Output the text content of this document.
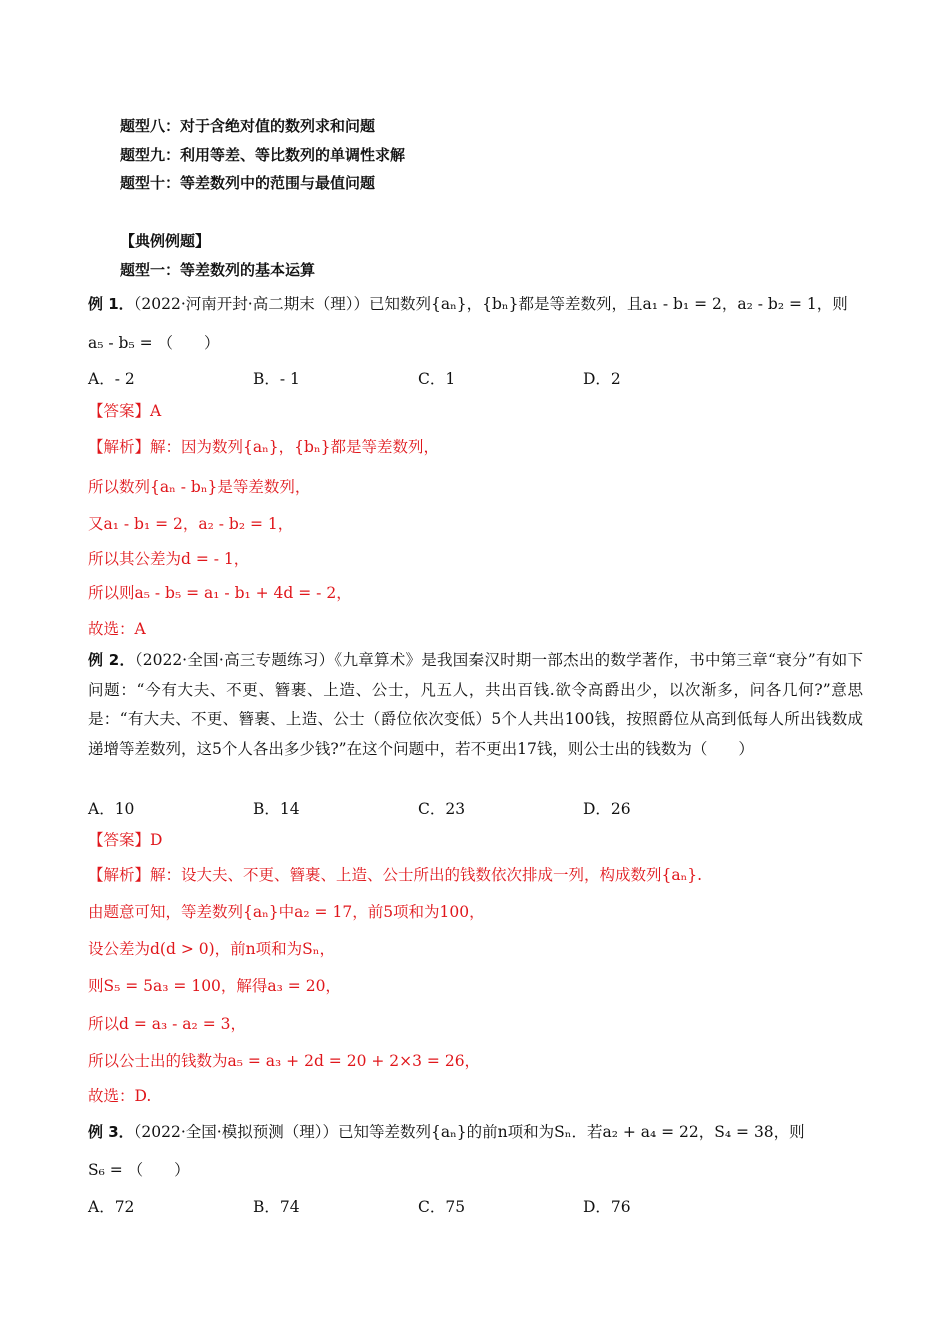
题型八：对于含绝对值的数列求和问题
题型九：利用等差、等比数列的单调性求解
题型十：等差数列中的范围与最值问题
【典例例题】
题型一：等差数列的基本运算
例 1．（2022·河南开封·高二期末（理））已知数列{aₙ}，{bₙ}都是等差数列，且a₁ - b₁ = 2，a₂ - b₂ = 1，则
a₅ - b₅ = （　　）
A．- 2	B．- 1	C．1	D．2
【答案】A
【解析】解：因为数列{aₙ}，{bₙ}都是等差数列，
所以数列{aₙ - bₙ}是等差数列，
又a₁ - b₁ = 2，a₂ - b₂ = 1，
所以其公差为d = - 1，
所以则a₅ - b₅ = a₁ - b₁ + 4d = - 2，
故选：A
例 2．（2022·全国·高三专题练习）《九章算术》是我国秦汉时期一部杰出的数学著作，书中第三章“衰分”有如下问题：“今有大夫、不更、簪裹、上造、公士，凡五人，共出百钱.欲令高爵出少，以次渐多，问各几何?”意思是：“有大夫、不更、簪裹、上造、公士（爵位依次变低）5个人共出100钱，按照爵位从高到低每人所出钱数成递增等差数列，这5个人各出多少钱?”在这个问题中，若不更出17钱，则公士出的钱数为（　　）
A．10	B．14	C．23	D．26
【答案】D
【解析】解：设大夫、不更、簪裹、上造、公士所出的钱数依次排成一列，构成数列{aₙ}.
由题意可知，等差数列{aₙ}中a₂ = 17，前5项和为100，
设公差为d(d > 0)，前n项和为Sₙ，
则S₅ = 5a₃ = 100，解得a₃ = 20，
所以d = a₃ - a₂ = 3，
所以公士出的钱数为a₅ = a₃ + 2d = 20 + 2×3 = 26，
故选：D.
例 3．（2022·全国·模拟预测（理））已知等差数列{aₙ}的前n项和为Sₙ．若a₂ + a₄ = 22，S₄ = 38，则
S₆ = （　　）
A．72	B．74	C．75	D．76
